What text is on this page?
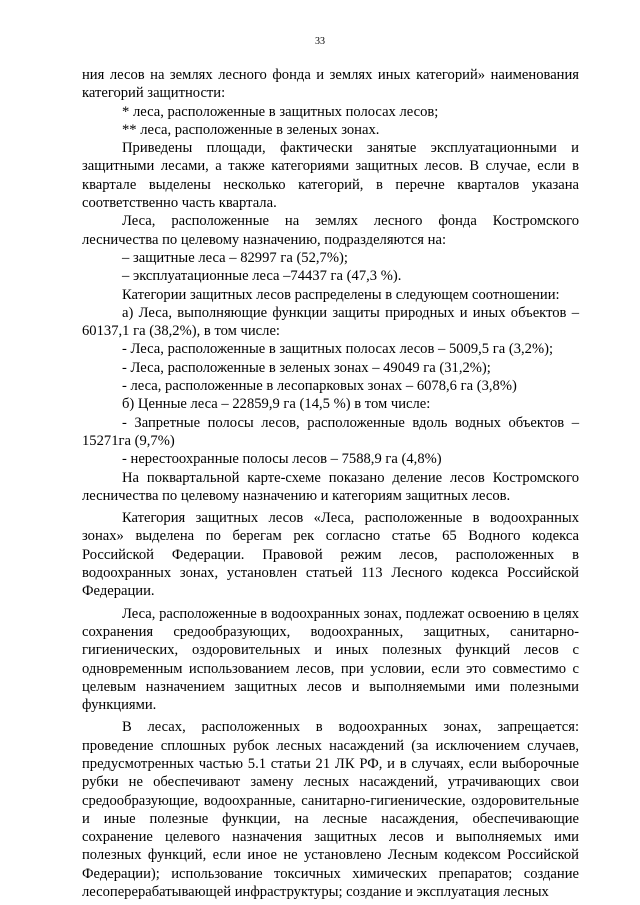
33

ния лесов на землях лесного фонда и землях иных категорий» наименования категорий защитности:

* леса, расположенные в защитных полосах лесов;

** леса, расположенные в зеленых зонах.

Приведены площади, фактически занятые эксплуатационными и защитными лесами, а также категориями защитных лесов. В случае, если в квартале выделены несколько категорий, в перечне кварталов указана соответственно часть квартала.

Леса, расположенные на землях лесного фонда Костромского лесничества по целевому назначению, подразделяются на:

– защитные леса – 82997 га (52,7%);

– эксплуатационные леса –74437 га (47,3 %).

Категории защитных лесов распределены в следующем соотношении:

а) Леса, выполняющие функции защиты природных и иных объектов –60137,1 га (38,2%), в том числе:

- Леса, расположенные в защитных полосах лесов – 5009,5 га (3,2%);

- Леса, расположенные в зеленых зонах – 49049 га (31,2%);

- леса, расположенные в лесопарковых зонах – 6078,6 га (3,8%)

б) Ценные леса – 22859,9 га (14,5 %) в том числе:

- Запретные полосы лесов, расположенные вдоль водных объектов – 15271га (9,7%)

- нерестоохранные полосы лесов – 7588,9 га (4,8%)

На поквартальной карте-схеме показано деление лесов Костромского лесничества по целевому назначению и категориям защитных лесов.

Категория защитных лесов «Леса, расположенные в водоохранных зонах» выделена по берегам рек согласно статье 65 Водного кодекса Российской Федерации. Правовой режим лесов, расположенных в водоохранных зонах, установлен статьей 113 Лесного кодекса Российской Федерации.

Леса, расположенные в водоохранных зонах, подлежат освоению в целях сохранения средообразующих, водоохранных, защитных, санитарно-гигиенических, оздоровительных и иных полезных функций лесов с одновременным использованием лесов, при условии, если это совместимо с целевым назначением защитных лесов и выполняемыми ими полезными функциями.

В лесах, расположенных в водоохранных зонах, запрещается: проведение сплошных рубок лесных насаждений (за исключением случаев, предусмотренных частью 5.1 статьи 21 ЛК РФ, и в случаях, если выборочные рубки не обеспечивают замену лесных насаждений, утрачивающих свои средообразующие, водоохранные, санитарно-гигиенические, оздоровительные и иные полезные функции, на лесные насаждения, обеспечивающие сохранение целевого назначения защитных лесов и выполняемых ими полезных функций, если иное не установлено Лесным кодексом Российской Федерации); использование токсичных химических препаратов; создание лесоперерабатывающей инфраструктуры; создание и эксплуатация лесных
